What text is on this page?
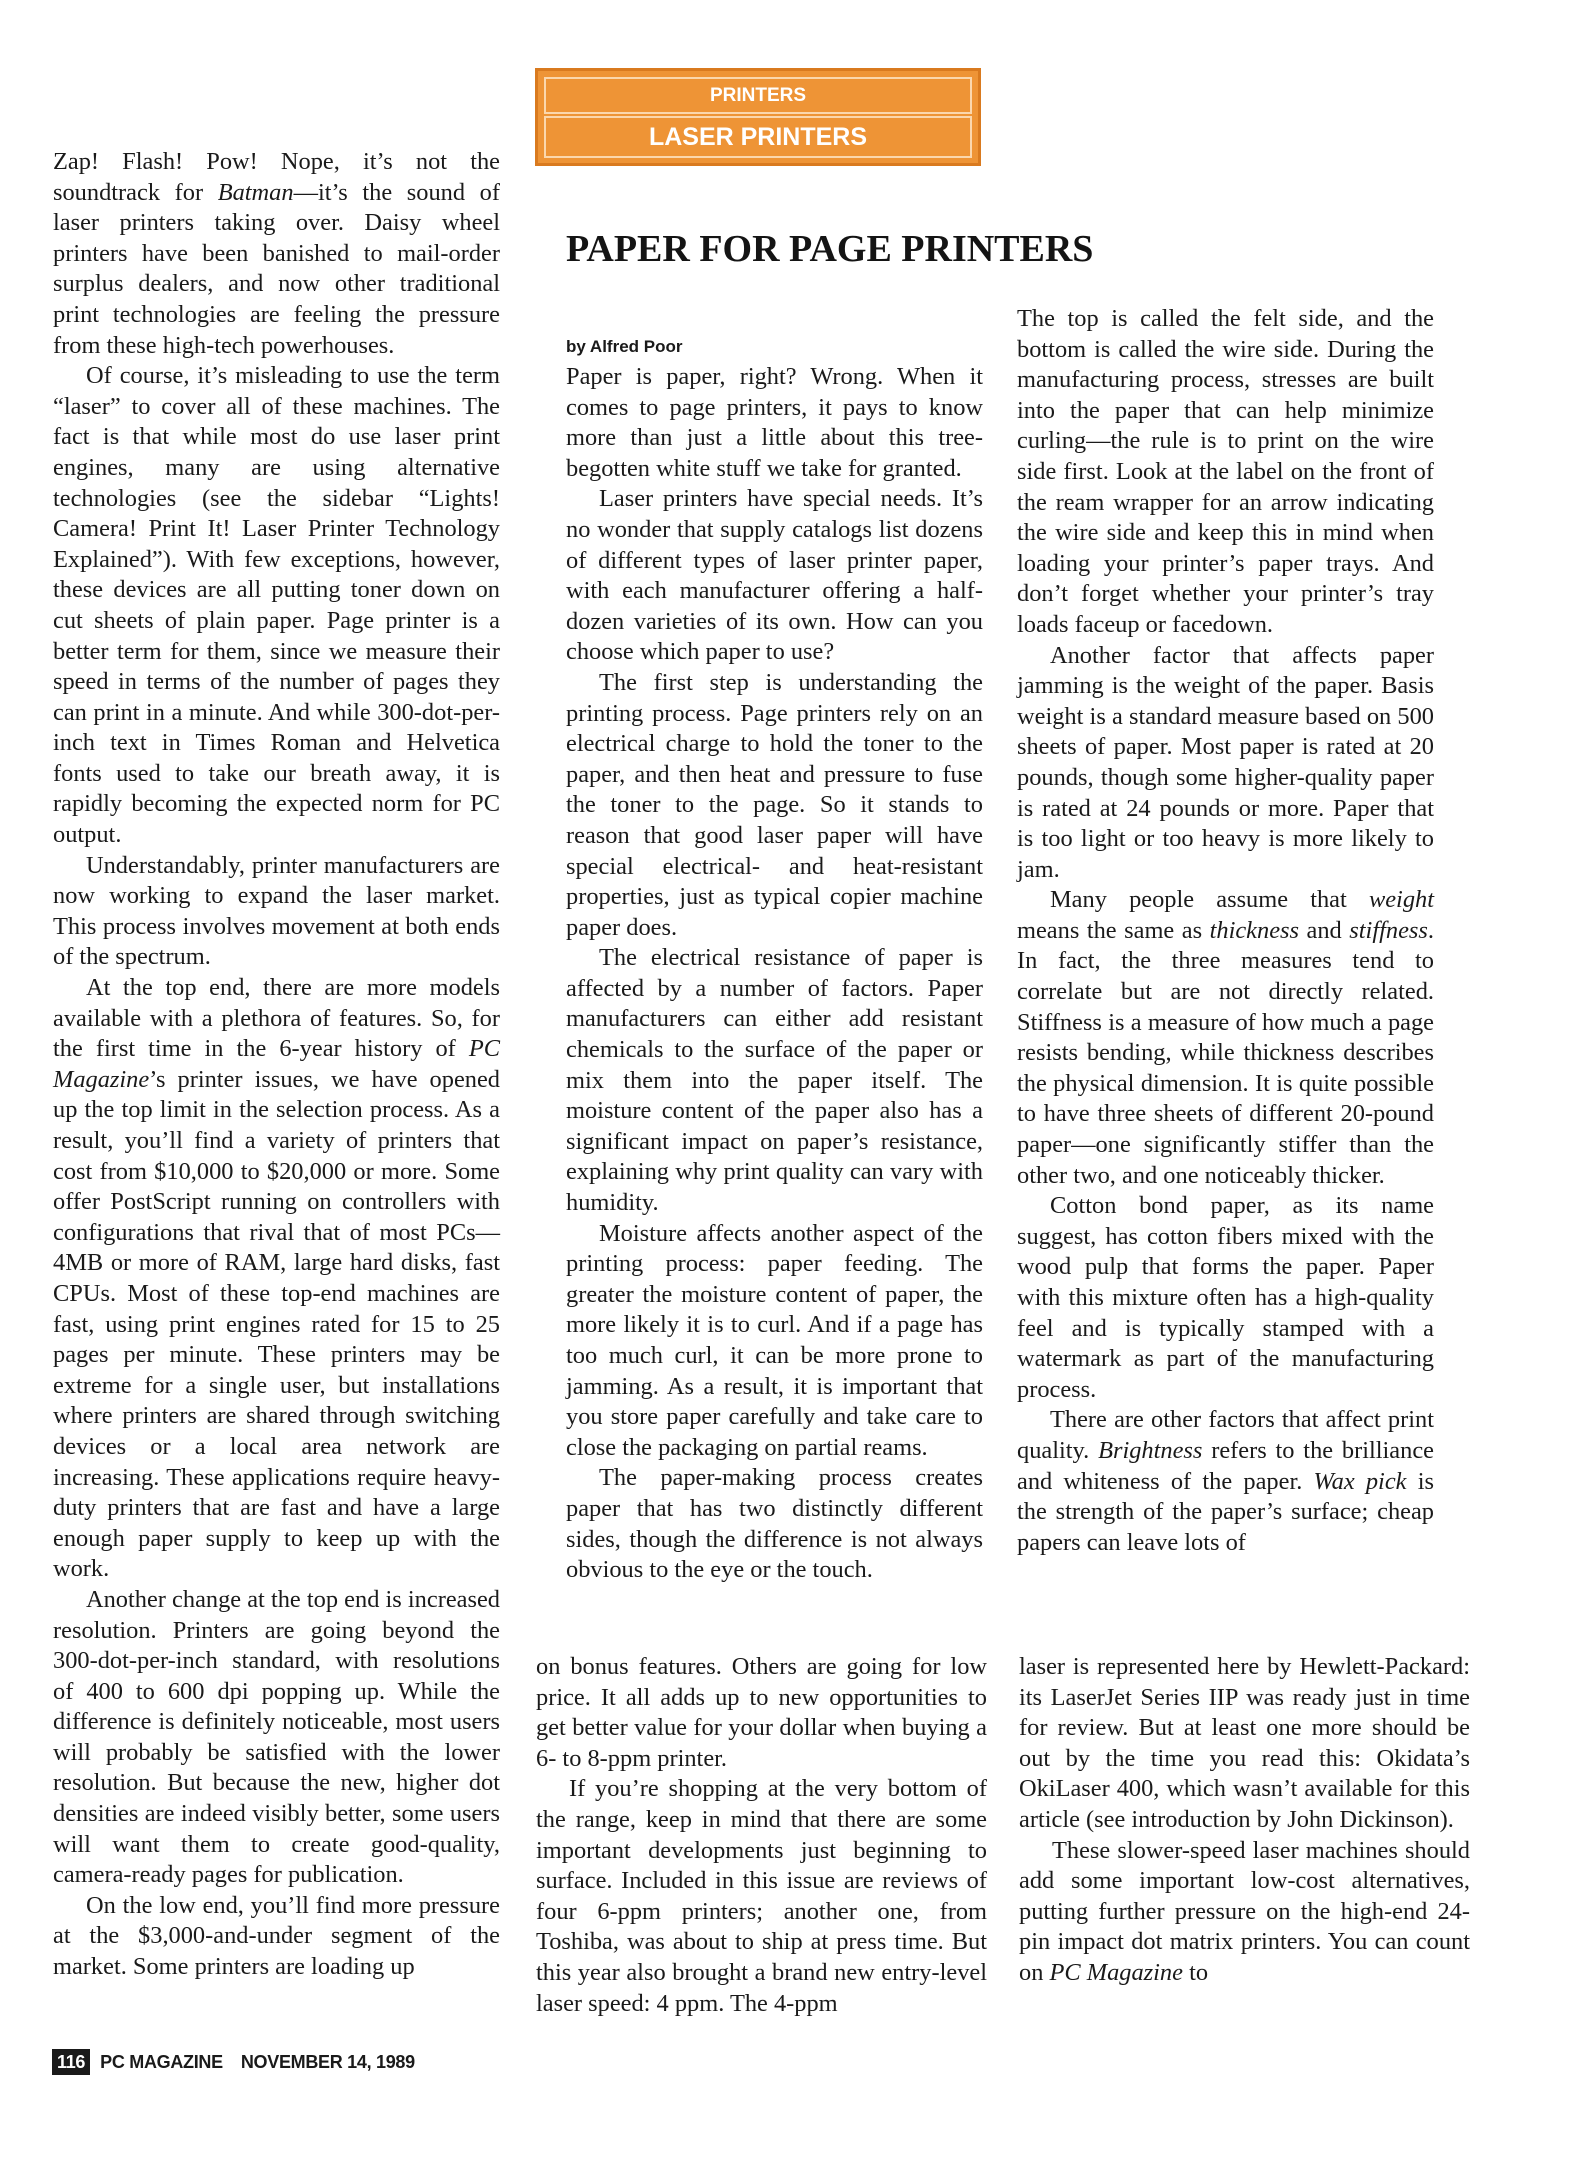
PRINTERS
LASER PRINTERS
PAPER FOR PAGE PRINTERS

Zap! Flash! Pow! Nope, it’s not the soundtrack for Batman—it’s the sound of laser printers taking over. Daisy wheel printers have been banished to mail-order surplus dealers, and now other traditional print technologies are feeling the pressure from these high-tech powerhouses.

Of course, it’s misleading to use the term “laser” to cover all of these machines. The fact is that while most do use laser print engines, many are using alternative technologies (see the sidebar “Lights! Camera! Print It! Laser Printer Technology Explained”). With few exceptions, however, these devices are all putting toner down on cut sheets of plain paper. Page printer is a better term for them, since we measure their speed in terms of the number of pages they can print in a minute. And while 300-dot-per-inch text in Times Roman and Helvetica fonts used to take our breath away, it is rapidly becoming the expected norm for PC output.

Understandably, printer manufacturers are now working to expand the laser market. This process involves movement at both ends of the spectrum.

At the top end, there are more models available with a plethora of features. So, for the first time in the 6-year history of PC Magazine’s printer issues, we have opened up the top limit in the selection process. As a result, you’ll find a variety of printers that cost from $10,000 to $20,000 or more. Some offer PostScript running on controllers with configurations that rival that of most PCs—4MB or more of RAM, large hard disks, fast CPUs. Most of these top-end machines are fast, using print engines rated for 15 to 25 pages per minute. These printers may be extreme for a single user, but installations where printers are shared through switching devices or a local area network are increasing. These applications require heavy-duty printers that are fast and have a large enough paper supply to keep up with the work.

Another change at the top end is increased resolution. Printers are going beyond the 300-dot-per-inch standard, with resolutions of 400 to 600 dpi popping up. While the difference is definitely noticeable, most users will probably be satisfied with the lower resolution. But because the new, higher dot densities are indeed visibly better, some users will want them to create good-quality, camera-ready pages for publication.

On the low end, you’ll find more pressure at the $3,000-and-under segment of the market. Some printers are loading up

by Alfred Poor

Paper is paper, right? Wrong. When it comes to page printers, it pays to know more than just a little about this tree-begotten white stuff we take for granted.

Laser printers have special needs. It’s no wonder that supply catalogs list dozens of different types of laser printer paper, with each manufacturer offering a half-dozen varieties of its own. How can you choose which paper to use?

The first step is understanding the printing process. Page printers rely on an electrical charge to hold the toner to the paper, and then heat and pressure to fuse the toner to the page. So it stands to reason that good laser paper will have special electrical- and heat-resistant properties, just as typical copier machine paper does.

The electrical resistance of paper is affected by a number of factors. Paper manufacturers can either add resistant chemicals to the surface of the paper or mix them into the paper itself. The moisture content of the paper also has a significant impact on paper’s resistance, explaining why print quality can vary with humidity.

Moisture affects another aspect of the printing process: paper feeding. The greater the moisture content of paper, the more likely it is to curl. And if a page has too much curl, it can be more prone to jamming. As a result, it is important that you store paper carefully and take care to close the packaging on partial reams.

The paper-making process creates paper that has two distinctly different sides, though the difference is not always obvious to the eye or the touch.

The top is called the felt side, and the bottom is called the wire side. During the manufacturing process, stresses are built into the paper that can help minimize curling—the rule is to print on the wire side first. Look at the label on the front of the ream wrapper for an arrow indicating the wire side and keep this in mind when loading your printer’s paper trays. And don’t forget whether your printer’s tray loads faceup or facedown.

Another factor that affects paper jamming is the weight of the paper. Basis weight is a standard measure based on 500 sheets of paper. Most paper is rated at 20 pounds, though some higher-quality paper is rated at 24 pounds or more. Paper that is too light or too heavy is more likely to jam.

Many people assume that weight means the same as thickness and stiffness. In fact, the three measures tend to correlate but are not directly related. Stiffness is a measure of how much a page resists bending, while thickness describes the physical dimension. It is quite possible to have three sheets of different 20-pound paper—one significantly stiffer than the other two, and one noticeably thicker.

Cotton bond paper, as its name suggest, has cotton fibers mixed with the wood pulp that forms the paper. Paper with this mixture often has a high-quality feel and is typically stamped with a watermark as part of the manufacturing process.

There are other factors that affect print quality. Brightness refers to the brilliance and whiteness of the paper. Wax pick is the strength of the paper’s surface; cheap papers can leave lots of

on bonus features. Others are going for low price. It all adds up to new opportunities to get better value for your dollar when buying a 6- to 8-ppm printer.

If you’re shopping at the very bottom of the range, keep in mind that there are some important developments just beginning to surface. Included in this issue are reviews of four 6-ppm printers; another one, from Toshiba, was about to ship at press time. But this year also brought a brand new entry-level laser speed: 4 ppm. The 4-ppm

laser is represented here by Hewlett-Packard: its LaserJet Series IIP was ready just in time for review. But at least one more should be out by the time you read this: Okidata’s OkiLaser 400, which wasn’t available for this article (see introduction by John Dickinson).

These slower-speed laser machines should add some important low-cost alternatives, putting further pressure on the high-end 24-pin impact dot matrix printers. You can count on PC Magazine to

116 PC MAGAZINE NOVEMBER 14, 1989
